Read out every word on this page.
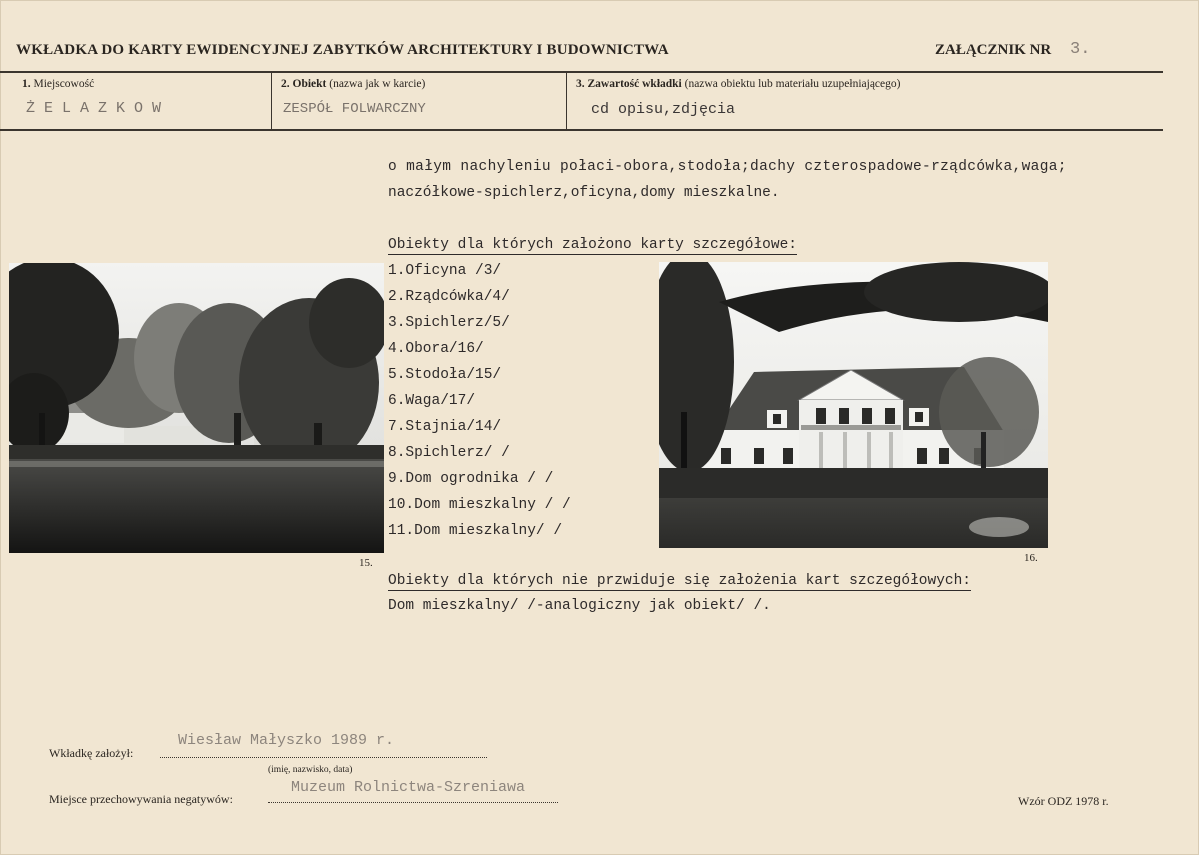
WKŁADKA DO KARTY EWIDENCYJNEJ ZABYTKÓW ARCHITEKTURY I BUDOWNICTWA	ZAŁĄCZNIK NR 3.
1. Miejscowość
Ż E L A Z K O W
2. Obiekt (nazwa jak w karcie)
ZESPÓŁ FOLWARCZNY
3. Zawartość wkładki (nazwa obiektu lub materiału uzupełniającego)
cd opisu,zdjęcia
o małym nachyleniu połaci-obora,stodoła;dachy czterospadowe-rządcówka,waga;
naczółkowe-spichlerz,oficyna,domy mieszkalne.
Obiekty dla których założono karty szczegółowe:
1.Oficyna /3/
2.Rządcówka/4/
3.Spichlerz/5/
4.Obora/16/
5.Stodoła/15/
6.Waga/17/
7.Stajnia/14/
8.Spichlerz/ /
9.Dom ogrodnika / /
10.Dom mieszkalny / /
11.Dom mieszkalny/ /
Obiekty dla których nie przwiduje się założenia kart szczegółowych:
Dom mieszkalny/ /-analogiczny jak obiekt/ /.
15.	16.
Wkładkę założył:
Wiesław Małyszko 1989 r.
(imię, nazwisko, data)
Miejsce przechowywania negatywów:
Muzeum Rolnictwa-Szreniawa
Wzór ODZ 1978 r.
